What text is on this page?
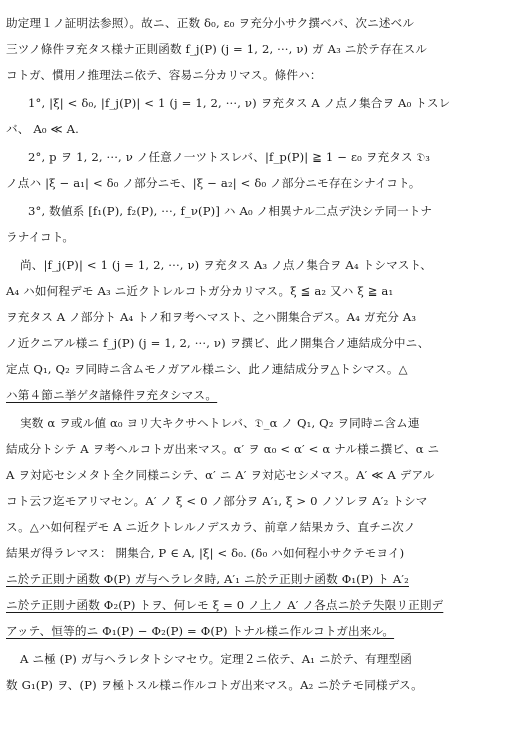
助定理１ノ証明法参照）。故ニ、正数 δ₀, ε₀ ヲ充分小サク撰ベバ、次ニ述ベル
三ツノ條件ヲ充タス様ナ正則函数 f_j(P) (j = 1, 2, ···, ν) ガ A₃ ニ於テ存在スル
コトガ、慣用ノ推理法ニ依テ、容易ニ分カリマス。條件ハ：
1°, |ξ| < δ₀, |f_j(P)| < 1 (j = 1, 2, ···, ν) ヲ充タス A ノ点ノ集合ヲ A₀ トスレ
バ、 A₀ ≪ A.
2°, p ヲ 1, 2, ···, ν ノ任意ノ一ツトスレバ、|f_p(P)| ≧ 1 − ε₀ ヲ充タス 𝔇₃
ノ点ハ |ξ − a₁| < δ₀ ノ部分ニモ、|ξ − a₂| < δ₀ ノ部分ニモ存在シナイコト。
3°, 数値系 [f₁(P), f₂(P), ···, f_ν(P)] ハ A₀ ノ相異ナル二点デ決シテ同一トナ
ラナイコト。
尚、|f_j(P)| < 1 (j = 1, 2, ···, ν) ヲ充タス A₃ ノ点ノ集合ヲ A₄ トシマスト、
A₄ ハ如何程デモ A₃ ニ近クトレルコトガ分カリマス。ξ ≦ a₂ 又ハ ξ ≧ a₁
ヲ充タス A ノ部分ト A₄ トノ和ヲ考ヘマスト、之ハ開集合デス。A₄ ガ充分 A₃
ノ近クニアル様ニ f_j(P) (j = 1, 2, ···, ν) ヲ撰ビ、此ノ開集合ノ連結成分中ニ、
定点 Q₁, Q₂ ヲ同時ニ含ムモノガアル様ニシ、此ノ連結成分ヲ△トシマス。△
ハ第４節ニ挙ゲタ諸條件ヲ充タシマス。
実数 α ヲ或ル値 α₀ ヨリ大キクサヘトレバ、𝔇_α ノ Q₁, Q₂ ヲ同時ニ含ム連
結成分トシテ A ヲ考ヘルコトガ出来マス。α′ ヲ α₀ < α′ < α ナル様ニ撰ビ、α ニ
A ヲ対応セシメタト全ク同様ニシテ、α′ ニ A′ ヲ対応セシメマス。A′ ≪ A デアル
コト云フ迄モアリマセン。A′ ノ ξ < 0 ノ部分ヲ A′₁, ξ > 0 ノソレヲ A′₂ トシマ
ス。△ハ如何程デモ A ニ近クトレルノデスカラ、前章ノ結果カラ、直チニ次ノ
結果ガ得ラレマス： 開集合, P ∈ A, |ξ| < δ₀. (δ₀ ハ如何程小サクテモヨイ)
ニ於テ正則ナ函数 Φ(P) ガ与ヘラレタ時, A′₁ ニ於テ正則ナ函数 Φ₁(P) ト A′₂
ニ於テ正則ナ函数 Φ₂(P) トヲ、何レモ ξ = 0 ノ上ノ A′ ノ各点ニ於テ失限リ正則デ
アッテ、恒等的ニ Φ₁(P) − Φ₂(P) = Φ(P) トナル様ニ作ルコトガ出来ル。
A ニ極 (P) ガ与ヘラレタトシマセウ。定理２ニ依テ、A₁ ニ於テ、有理型函
数 G₁(P) ヲ、(P) ヲ極トスル様ニ作ルコトガ出来マス。A₂ ニ於テモ同様デス。
